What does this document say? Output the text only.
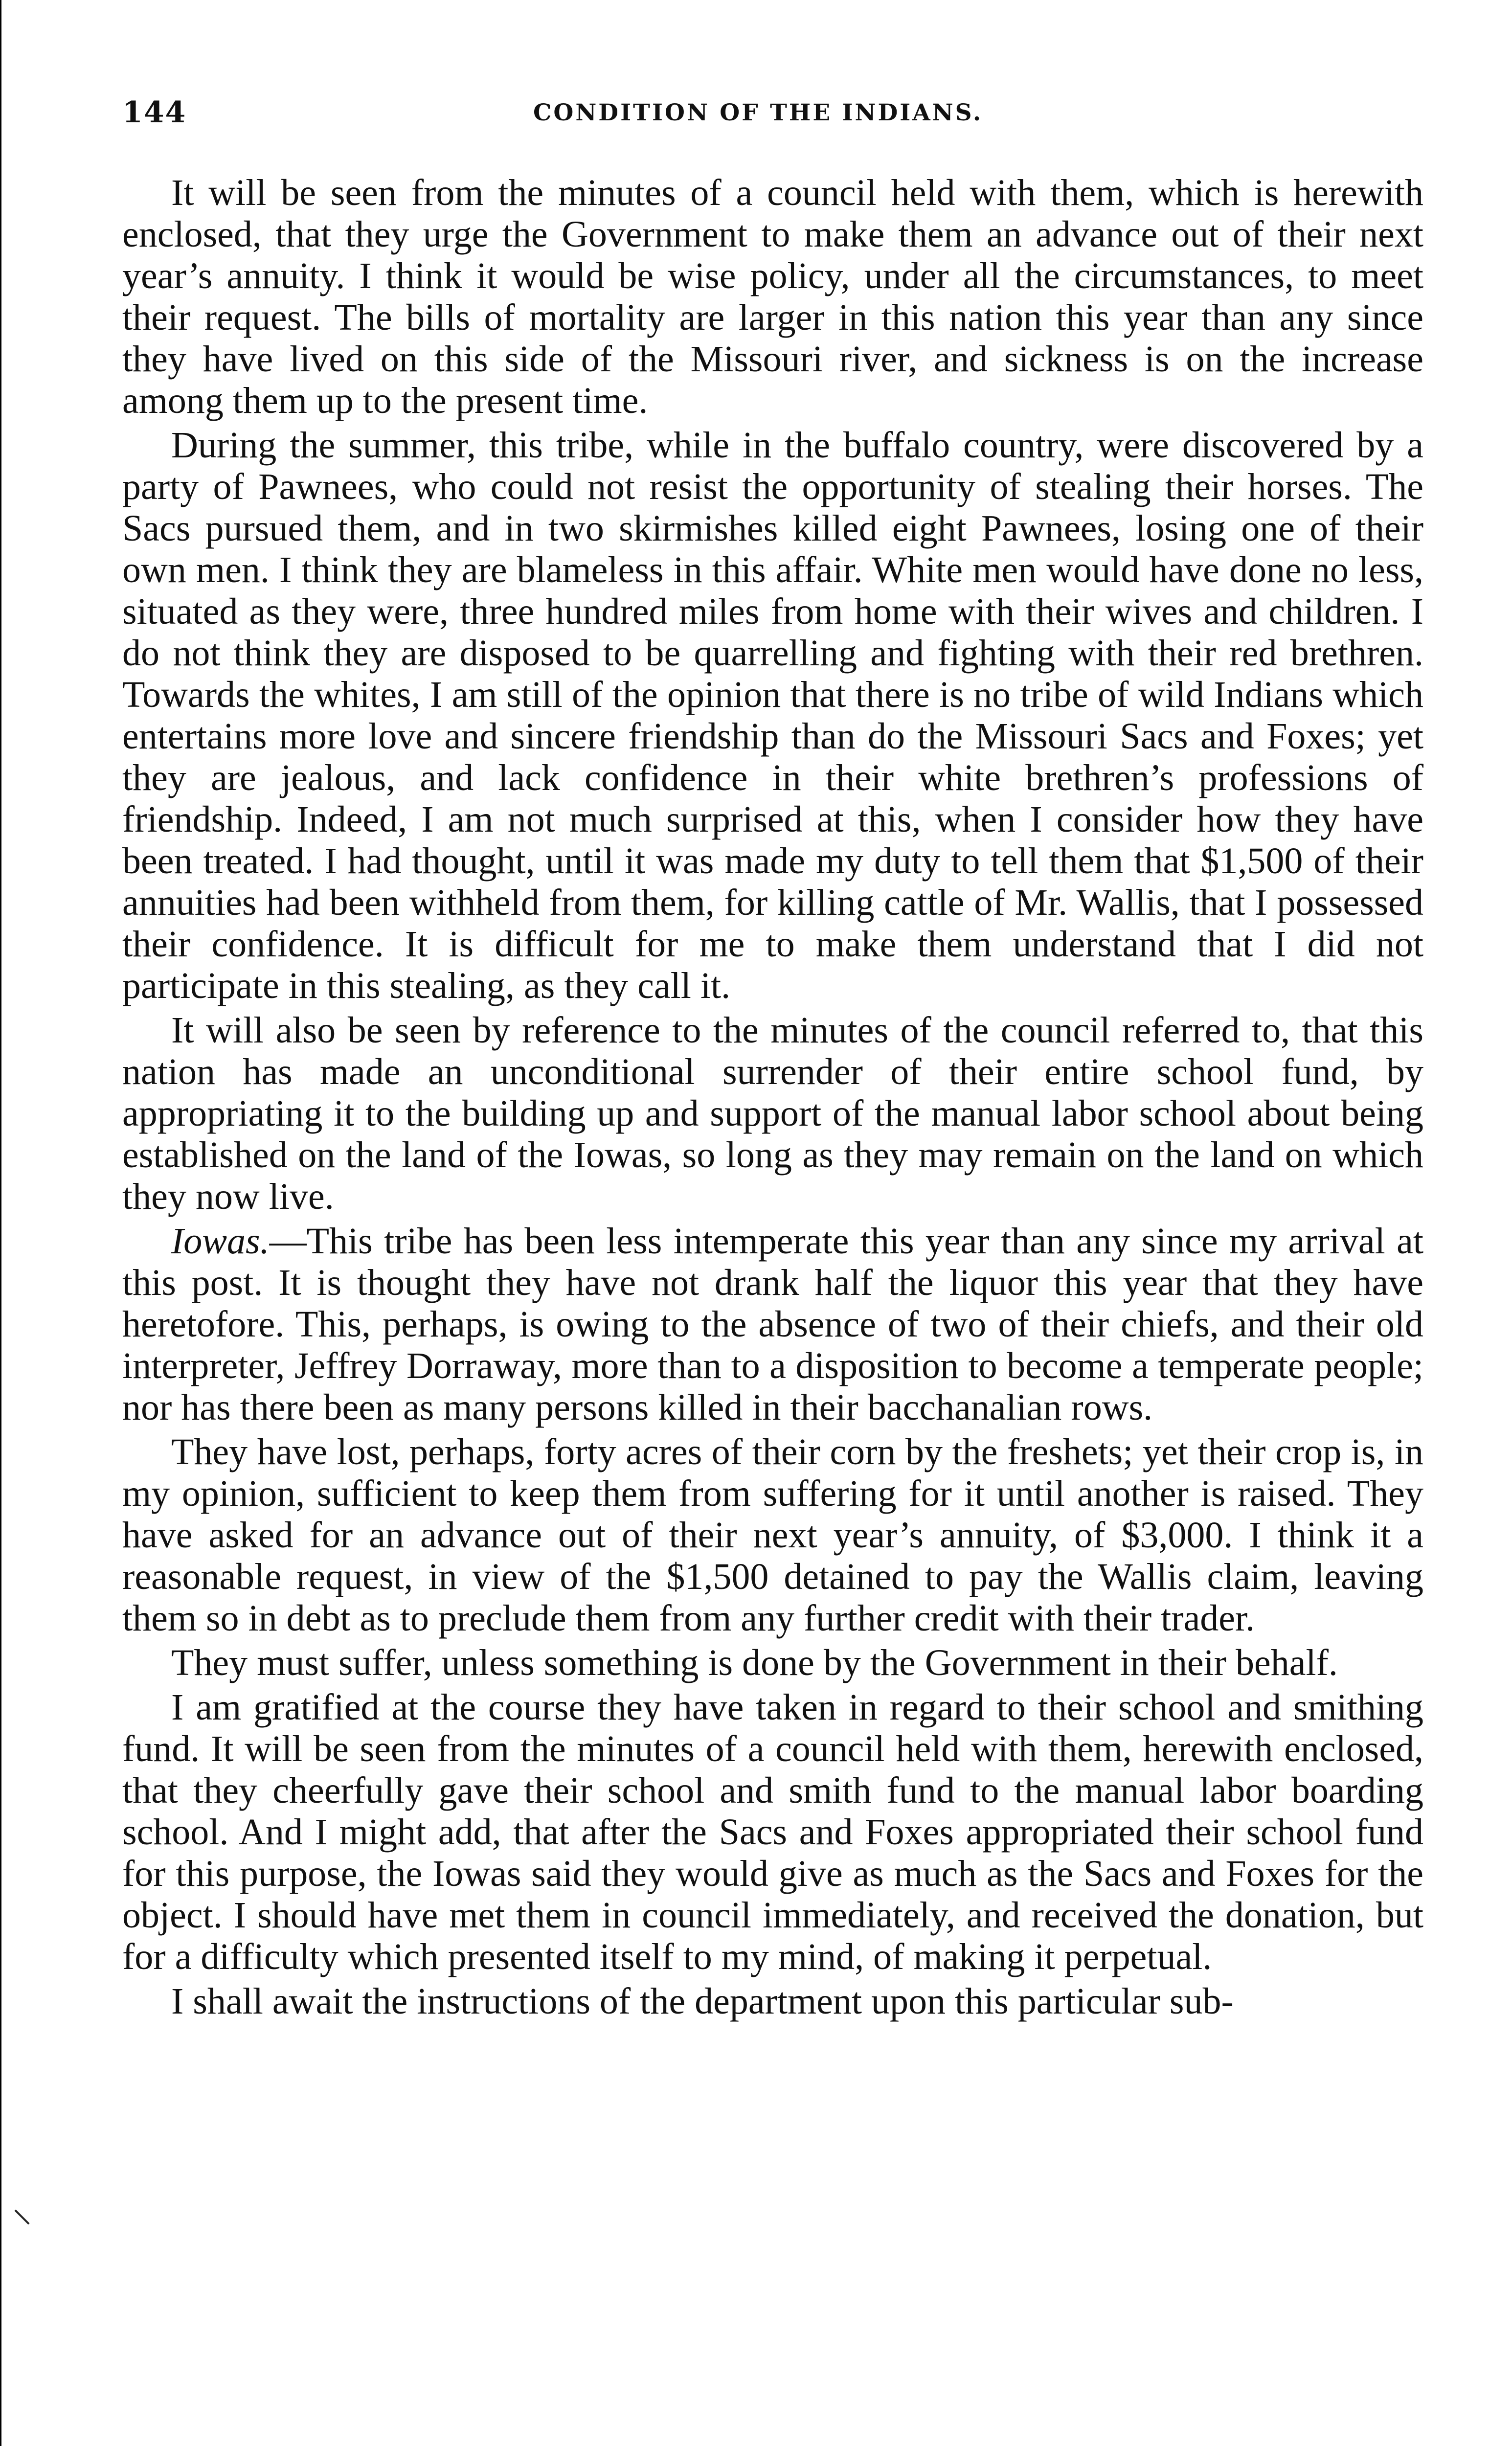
144	CONDITION OF THE INDIANS.

It will be seen from the minutes of a council held with them, which is herewith enclosed, that they urge the Government to make them an advance out of their next year’s annuity. I think it would be wise policy, under all the circumstances, to meet their request. The bills of mortality are larger in this nation this year than any since they have lived on this side of the Missouri river, and sickness is on the increase among them up to the present time.

During the summer, this tribe, while in the buffalo country, were discovered by a party of Pawnees, who could not resist the opportunity of stealing their horses. The Sacs pursued them, and in two skirmishes killed eight Pawnees, losing one of their own men. I think they are blameless in this affair. White men would have done no less, situated as they were, three hundred miles from home with their wives and children. I do not think they are disposed to be quarrelling and fighting with their red brethren. Towards the whites, I am still of the opinion that there is no tribe of wild Indians which entertains more love and sincere friendship than do the Missouri Sacs and Foxes; yet they are jealous, and lack confidence in their white brethren’s professions of friendship. Indeed, I am not much surprised at this, when I consider how they have been treated. I had thought, until it was made my duty to tell them that $1,500 of their annuities had been withheld from them, for killing cattle of Mr. Wallis, that I possessed their confidence. It is difficult for me to make them understand that I did not participate in this stealing, as they call it.

It will also be seen by reference to the minutes of the council referred to, that this nation has made an unconditional surrender of their entire school fund, by appropriating it to the building up and support of the manual labor school about being established on the land of the Iowas, so long as they may remain on the land on which they now live.

Iowas.—This tribe has been less intemperate this year than any since my arrival at this post. It is thought they have not drank half the liquor this year that they have heretofore. This, perhaps, is owing to the absence of two of their chiefs, and their old interpreter, Jeffrey Dorraway, more than to a disposition to become a temperate people; nor has there been as many persons killed in their bacchanalian rows.

They have lost, perhaps, forty acres of their corn by the freshets; yet their crop is, in my opinion, sufficient to keep them from suffering for it until another is raised. They have asked for an advance out of their next year’s annuity, of $3,000. I think it a reasonable request, in view of the $1,500 detained to pay the Wallis claim, leaving them so in debt as to preclude them from any further credit with their trader.

They must suffer, unless something is done by the Government in their behalf.

I am gratified at the course they have taken in regard to their school and smithing fund. It will be seen from the minutes of a council held with them, herewith enclosed, that they cheerfully gave their school and smith fund to the manual labor boarding school. And I might add, that after the Sacs and Foxes appropriated their school fund for this purpose, the Iowas said they would give as much as the Sacs and Foxes for the object. I should have met them in council immediately, and received the donation, but for a difficulty which presented itself to my mind, of making it perpetual.

I shall await the instructions of the department upon this particular sub-
